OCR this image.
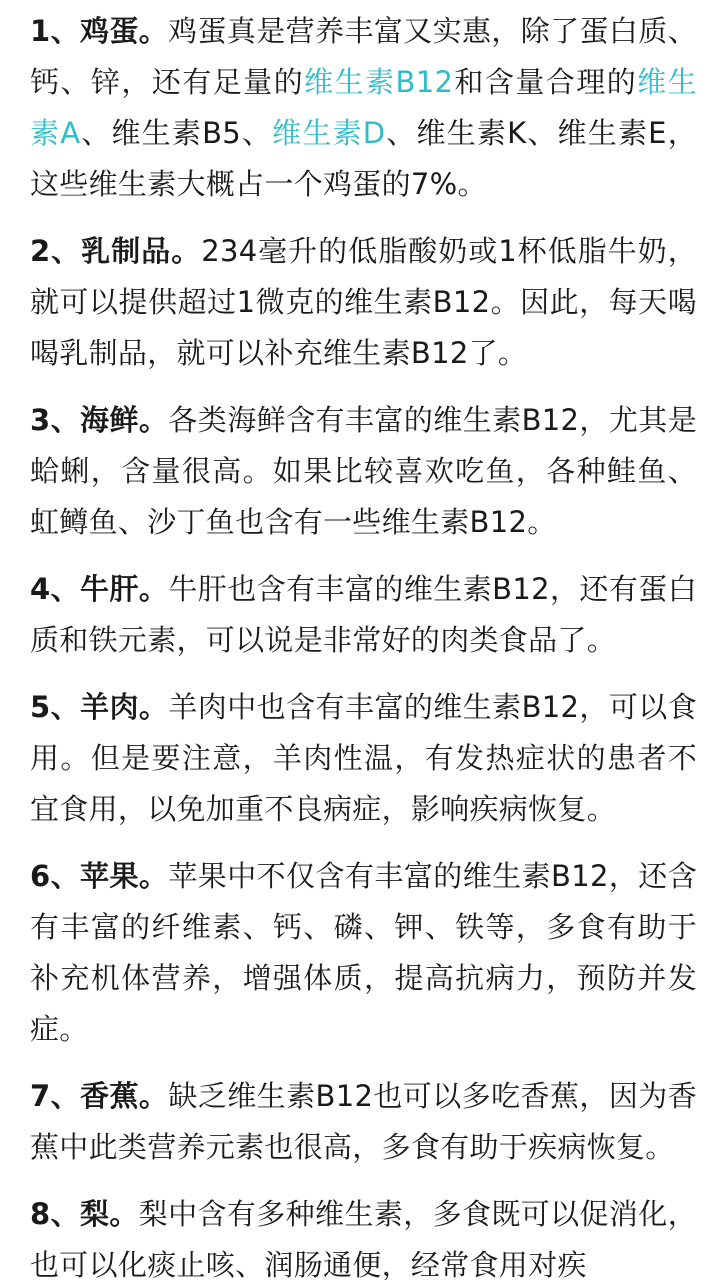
1、鸡蛋。鸡蛋真是营养丰富又实惠，除了蛋白质、钙、锌，还有足量的维生素B12和含量合理的维生素A、维生素B5、维生素D、维生素K、维生素E，这些维生素大概占一个鸡蛋的7%。

2、乳制品。234毫升的低脂酸奶或1杯低脂牛奶，就可以提供超过1微克的维生素B12。因此，每天喝喝乳制品，就可以补充维生素B12了。

3、海鲜。各类海鲜含有丰富的维生素B12，尤其是蛤蜊，含量很高。如果比较喜欢吃鱼，各种鲑鱼、虹鳟鱼、沙丁鱼也含有一些维生素B12。

4、牛肝。牛肝也含有丰富的维生素B12，还有蛋白质和铁元素，可以说是非常好的肉类食品了。

5、羊肉。羊肉中也含有丰富的维生素B12，可以食用。但是要注意，羊肉性温，有发热症状的患者不宜食用，以免加重不良病症，影响疾病恢复。

6、苹果。苹果中不仅含有丰富的维生素B12，还含有丰富的纤维素、钙、磷、钾、铁等，多食有助于补充机体营养，增强体质，提高抗病力，预防并发症。

7、香蕉。缺乏维生素B12也可以多吃香蕉，因为香蕉中此类营养元素也很高，多食有助于疾病恢复。

8、梨。梨中含有多种维生素，多食既可以促消化，也可以化痰止咳、润肠通便，经常食用对疾
